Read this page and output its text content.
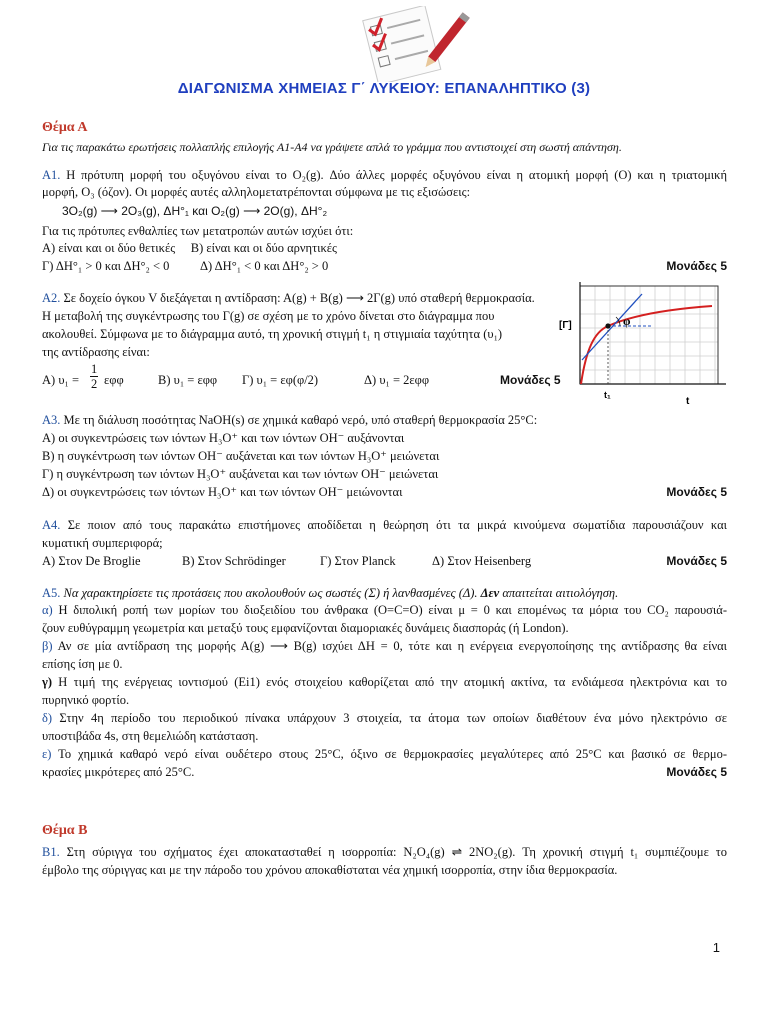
ΔΙΑΓΩΝΙΣΜΑ ΧΗΜΕΙΑΣ Γ΄ ΛΥΚΕΙΟΥ: ΕΠΑΝΑΛΗΠΤΙΚΟ (3)
Θέμα Α
Για τις παρακάτω ερωτήσεις πολλαπλής επιλογής Α1-Α4 να γράψετε απλά το γράμμα που αντιστοιχεί στη σωστή απάντηση.
Α1. Η πρότυπη μορφή του οξυγόνου είναι το O₂(g). Δύο άλλες μορφές οξυγόνου είναι η ατομική μορφή (Ο) και η τριατομική
μορφή, Ο₃ (όζον). Οι μορφές αυτές αλληλομετατρέπονται σύμφωνα με τις εξισώσεις:
3O₂(g) ⟶ 2O₃(g), ΔΗ°₁ και O₂(g) ⟶ 2O(g), ΔΗ°₂
Για τις πρότυπες ενθαλπίες των μετατροπών αυτών ισχύει ότι:
Α) είναι και οι δύο θετικές     Β) είναι και οι δύο αρνητικές
Γ) ΔΗ°₁ > 0 και ΔΗ°₂ < 0          Δ) ΔΗ°₁ < 0 και ΔΗ°₂ > 0	Μονάδες 5
Α2. Σε δοχείο όγκου V διεξάγεται η αντίδραση: Α(g) + Β(g) ⟶ 2Γ(g) υπό σταθερή θερμοκρασία.
Η μεταβολή της συγκέντρωσης του Γ(g) σε σχέση με το χρόνο δίνεται στο διάγραμμα που
ακολουθεί. Σύμφωνα με το διάγραμμα αυτό, τη χρονική στιγμή t₁ η στιγμιαία ταχύτητα (υ₁)
της αντίδρασης είναι:
Α) υ₁ =
1
2 εφφ	Β) υ₁ = εφφ Γ) υ₁ = εφ(φ/2)	Δ) υ₁ = 2εφφ	Μονάδες 5
φ
[Γ]
t₁
t
Α3. Με τη διάλυση ποσότητας NaOH(s) σε χημικά καθαρό νερό, υπό σταθερή θερμοκρασία 25°C:
Α) οι συγκεντρώσεις των ιόντων Η₃Ο⁺ και των ιόντων ΟΗ⁻ αυξάνονται
Β) η συγκέντρωση των ιόντων ΟΗ⁻ αυξάνεται και των ιόντων Η₃Ο⁺ μειώνεται
Γ) η συγκέντρωση των ιόντων Η₃Ο⁺ αυξάνεται και των ιόντων ΟΗ⁻ μειώνεται
Δ) οι συγκεντρώσεις των ιόντων Η₃Ο⁺ και των ιόντων ΟΗ⁻ μειώνονται	Μονάδες 5
Α4. Σε ποιον από τους παρακάτω επιστήμονες αποδίδεται η θεώρηση ότι τα μικρά κινούμενα σωματίδια παρουσιάζουν και
κυματική συμπεριφορά;
Α) Στον De Broglie	Β) Στον Schrödinger	Γ) Στον Planck	Δ) Στον Heisenberg	Μονάδες 5
Α5. Να χαρακτηρίσετε τις προτάσεις που ακολουθούν ως σωστές (Σ) ή λανθασμένες (Δ). Δεν απαιτείται αιτιολόγηση.
α) Η διπολική ροπή των μορίων του διοξειδίου του άνθρακα (O=C=O) είναι μ = 0 και επομένως τα μόρια του CO₂ παρουσιά-
ζουν ευθύγραμμη γεωμετρία και μεταξύ τους εμφανίζονται διαμοριακές δυνάμεις διασποράς (ή London).
β) Αν σε μία αντίδραση της μορφής Α(g) ⟶ Β(g) ισχύει ΔΗ = 0, τότε και η ενέργεια ενεργοποίησης της αντίδρασης θα είναι
επίσης ίση με 0.
γ) Η τιμή της ενέργειας ιοντισμού (Ei1) ενός στοιχείου καθορίζεται από την ατομική ακτίνα, τα ενδιάμεσα ηλεκτρόνια και το
πυρηνικό φορτίο.
δ) Στην 4η περίοδο του περιοδικού πίνακα υπάρχουν 3 στοιχεία, τα άτομα των οποίων διαθέτουν ένα μόνο ηλεκτρόνιο σε
υποστιβάδα 4s, στη θεμελιώδη κατάσταση.
ε) Το χημικά καθαρό νερό είναι ουδέτερο στους 25°C, όξινο σε θερμοκρασίες μεγαλύτερες από 25°C και βασικό σε θερμο-
κρασίες μικρότερες από 25°C.	Μονάδες 5
Θέμα Β
Β1. Στη σύριγγα του σχήματος έχει αποκατασταθεί η ισορροπία: N₂O₄(g) ⇌ 2NO₂(g). Τη χρονική στιγμή t₁ συμπιέζουμε το
έμβολο της σύριγγας και με την πάροδο του χρόνου αποκαθίσταται νέα χημική ισορροπία, στην ίδια θερμοκρασία.
1
